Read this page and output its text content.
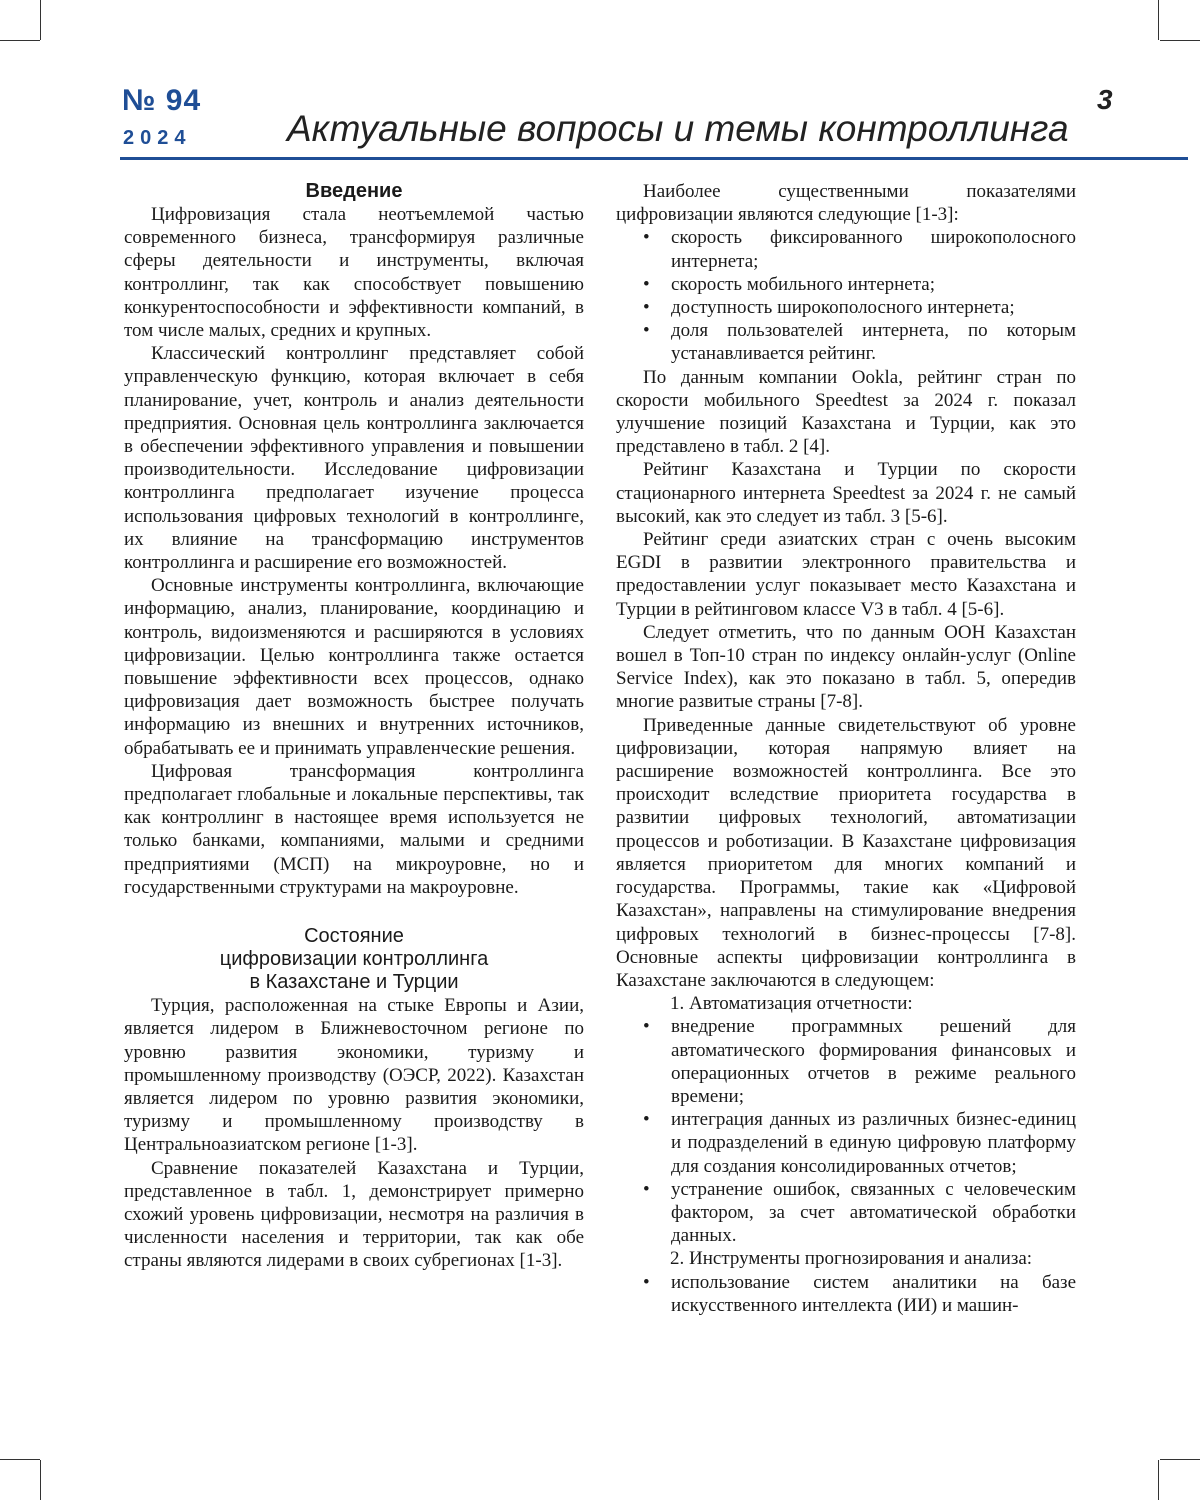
№ 94
2024	Актуальные вопросы и темы контроллинга
3
Введение

Цифровизация стала неотъемлемой частью современного бизнеса, трансформируя различные сферы деятельности и инструменты, включая контроллинг, так как способствует повышению конкурентоспособности и эффективности компаний, в том числе малых, средних и крупных.

Классический контроллинг представляет собой управленческую функцию, которая включает в себя планирование, учет, контроль и анализ деятельности предприятия. Основная цель контроллинга заключается в обеспечении эффективного управления и повышении производительности. Исследование цифровизации контроллинга предполагает изучение процесса использования цифровых технологий в контроллинге, их влияние на трансформацию инструментов контроллинга и расширение его возможностей.

Основные инструменты контроллинга, включающие информацию, анализ, планирование, координацию и контроль, видоизменяются и расширяются в условиях цифровизации. Целью контроллинга также остается повышение эффективности всех процессов, однако цифровизация дает возможность быстрее получать информацию из внешних и внутренних источников, обрабатывать ее и принимать управленческие решения.

Цифровая трансформация контроллинга предполагает глобальные и локальные перспективы, так как контроллинг в настоящее время используется не только банками, компаниями, малыми и средними предприятиями (МСП) на микроуровне, но и государственными структурами на макроуровне.

Состояние
цифровизации контроллинга
в Казахстане и Турции

Турция, расположенная на стыке Европы и Азии, является лидером в Ближневосточном регионе по уровню развития экономики, туризму и промышленному производству (ОЭСР, 2022). Казахстан является лидером по уровню развития экономики, туризму и промышленному производству в Центральноазиатском регионе [1-3].

Сравнение показателей Казахстана и Турции, представленное в табл. 1, демонстрирует примерно схожий уровень цифровизации, несмотря на различия в численности населения и территории, так как обе страны являются лидерами в своих субрегионах [1-3].

Наиболее существенными показателями цифровизации являются следующие [1-3]:

• скорость фиксированного широкополосного интернета;
• скорость мобильного интернета;
• доступность широкополосного интернета;
• доля пользователей интернета, по которым устанавливается рейтинг.

По данным компании Ookla, рейтинг стран по скорости мобильного Speedtest за 2024 г. показал улучшение позиций Казахстана и Турции, как это представлено в табл. 2 [4].

Рейтинг Казахстана и Турции по скорости стационарного интернета Speedtest за 2024 г. не самый высокий, как это следует из табл. 3 [5-6].

Рейтинг среди азиатских стран с очень высоким EGDI в развитии электронного правительства и предоставлении услуг показывает место Казахстана и Турции в рейтинговом классе V3 в табл. 4 [5-6].

Следует отметить, что по данным ООН Казахстан вошел в Топ-10 стран по индексу онлайн-услуг (Online Service Index), как это показано в табл. 5, опередив многие развитые страны [7-8].

Приведенные данные свидетельствуют об уровне цифровизации, которая напрямую влияет на расширение возможностей контроллинга. Все это происходит вследствие приоритета государства в развитии цифровых технологий, автоматизации процессов и роботизации. В Казахстане цифровизация является приоритетом для многих компаний и государства. Программы, такие как «Цифровой Казахстан», направлены на стимулирование внедрения цифровых технологий в бизнес-процессы [7-8]. Основные аспекты цифровизации контроллинга в Казахстане заключаются в следующем:

1. Автоматизация отчетности:

• внедрение программных решений для автоматического формирования финансовых и операционных отчетов в режиме реального времени;
• интеграция данных из различных бизнес-единиц и подразделений в единую цифровую платформу для создания консолидированных отчетов;
• устранение ошибок, связанных с человеческим фактором, за счет автоматической обработки данных.

2. Инструменты прогнозирования и анализа:

• использование систем аналитики на базе искусственного интеллекта (ИИ) и машин-
